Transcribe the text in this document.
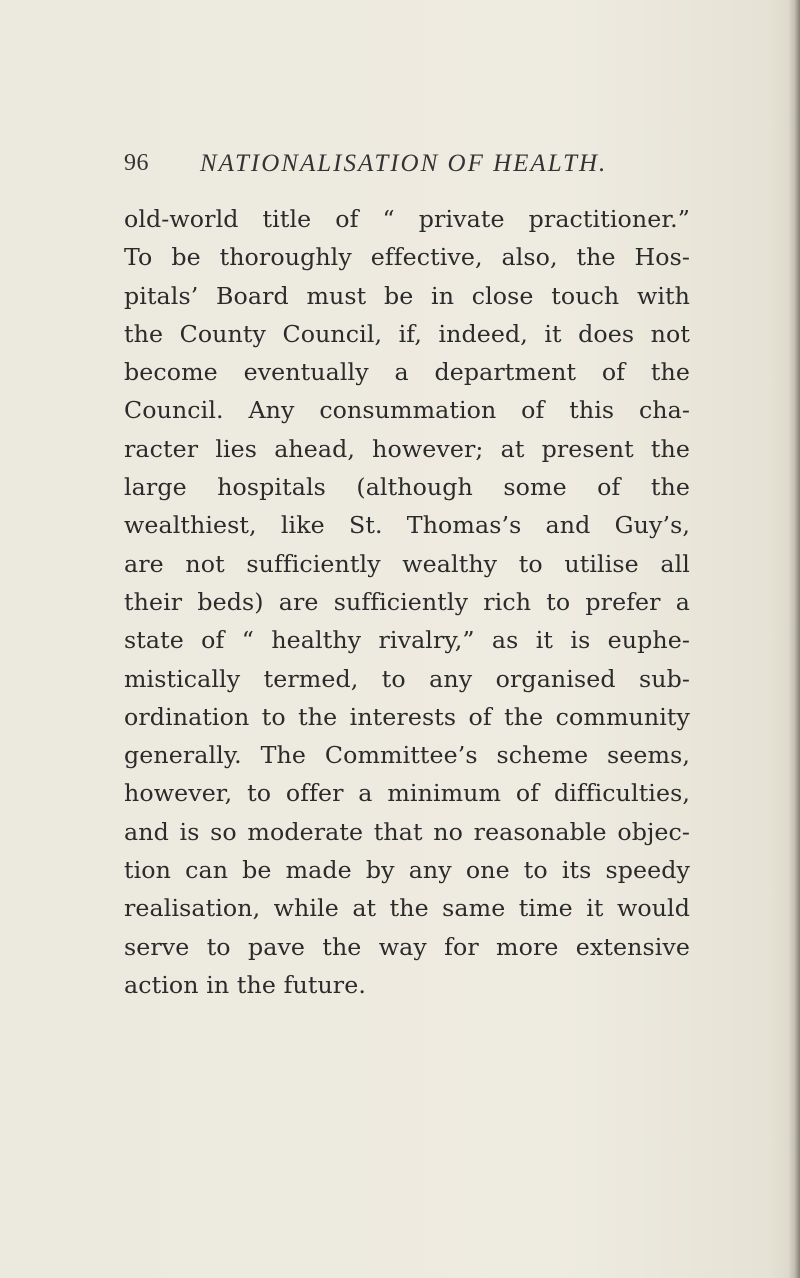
96 NATIONALISATION OF HEALTH.
old-world title of “ private practitioner.”
To be thoroughly effective, also, the Hos-
pitals’ Board must be in close touch with
the County Council, if, indeed, it does not
become eventually a department of the
Council. Any consummation of this cha-
racter lies ahead, however; at present the
large hospitals (although some of the
wealthiest, like St. Thomas’s and Guy’s,
are not sufficiently wealthy to utilise all
their beds) are sufficiently rich to prefer a
state of “ healthy rivalry,” as it is euphe-
mistically termed, to any organised sub-
ordination to the interests of the community
generally. The Committee’s scheme seems,
however, to offer a minimum of difficulties,
and is so moderate that no reasonable objec-
tion can be made by any one to its speedy
realisation, while at the same time it would
serve to pave the way for more extensive
action in the future.
